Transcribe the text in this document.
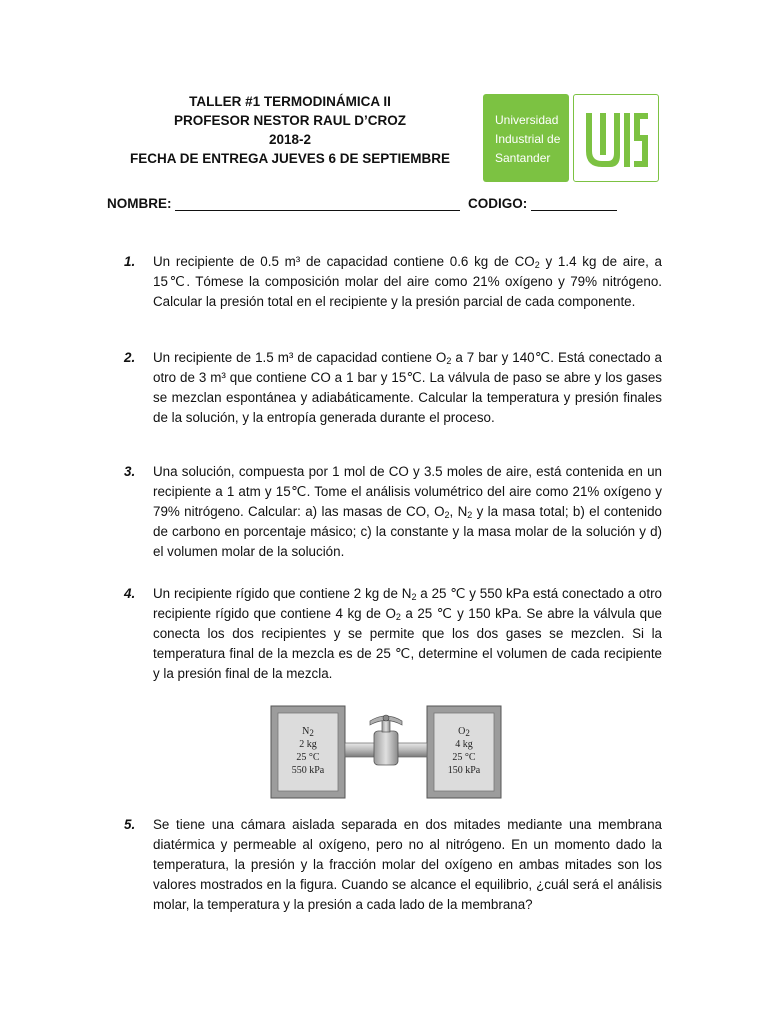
TALLER #1 TERMODINÁMICA II
PROFESOR NESTOR RAUL D’CROZ
2018-2
FECHA DE ENTREGA JUEVES 6 DE SEPTIEMBRE
Universidad
Industrial de
Santander
NOMBRE:	CODIGO:
1. Un recipiente de 0.5 m³ de capacidad contiene 0.6 kg de $CO_2$ y 1.4 kg de aire, a 15℃. Tómese la composición molar del aire como 21% oxígeno y 79% nitrógeno. Calcular la presión total en el recipiente y la presión parcial de cada componente.
2. Un recipiente de 1.5 m³ de capacidad contiene $O_2$ a 7 bar y 140℃. Está conectado a otro de 3 m³ que contiene CO a 1 bar y 15℃. La válvula de paso se abre y los gases se mezclan espontánea y adiabáticamente. Calcular la temperatura y presión finales de la solución, y la entropía generada durante el proceso.
3. Una solución, compuesta por 1 mol de CO y 3.5 moles de aire, está contenida en un recipiente a 1 atm y 15℃. Tome el análisis volumétrico del aire como 21% oxígeno y 79% nitrógeno. Calcular: a) las masas de CO, $O_2$, $N_2$ y la masa total; b) el contenido de carbono en porcentaje másico; c) la constante y la masa molar de la solución y d) el volumen molar de la solución.
4. Un recipiente rígido que contiene 2 kg de $N_2$ a 25 ℃ y 550 kPa está conectado a otro recipiente rígido que contiene 4 kg de $O_2$ a 25 ℃ y 150 kPa. Se abre la válvula que conecta los dos recipientes y se permite que los dos gases se mezclen. Si la temperatura final de la mezcla es de 25 ℃, determine el volumen de cada recipiente y la presión final de la mezcla.
$N_2$
2 kg
25 °C
550 kPa
$O_2$
4 kg
25 °C
150 kPa
5. Se tiene una cámara aislada separada en dos mitades mediante una membrana diatérmica y permeable al oxígeno, pero no al nitrógeno. En un momento dado la temperatura, la presión y la fracción molar del oxígeno en ambas mitades son los valores mostrados en la figura. Cuando se alcance el equilibrio, ¿cuál será el análisis molar, la temperatura y la presión a cada lado de la membrana?
